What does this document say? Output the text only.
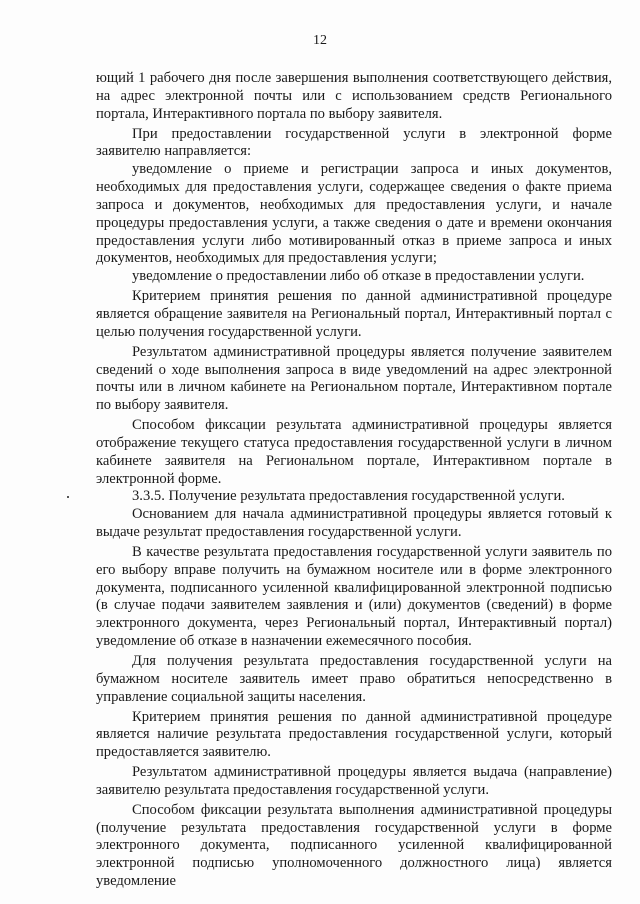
12

ющий 1 рабочего дня после завершения выполнения соответствующего действия, на адрес электронной почты или с использованием средств Регионального портала, Интерактивного портала по выбору заявителя.

При предоставлении государственной услуги в электронной форме заявителю направляется:

уведомление о приеме и регистрации запроса и иных документов, необходимых для предоставления услуги, содержащее сведения о факте приема запроса и документов, необходимых для предоставления услуги, и начале процедуры предоставления услуги, а также сведения о дате и времени окончания предоставления услуги либо мотивированный отказ в приеме запроса и иных документов, необходимых для предоставления услуги;

уведомление о предоставлении либо об отказе в предоставлении услуги.

Критерием принятия решения по данной административной процедуре является обращение заявителя на Региональный портал, Интерактивный портал с целью получения государственной услуги.

Результатом административной процедуры является получение заявителем сведений о ходе выполнения запроса в виде уведомлений на адрес электронной почты или в личном кабинете на Региональном портале, Интерактивном портале по выбору заявителя.

Способом фиксации результата административной процедуры является отображение текущего статуса предоставления государственной услуги в личном кабинете заявителя на Региональном портале, Интерактивном портале в электронной форме.

3.3.5. Получение результата предоставления государственной услуги.

Основанием для начала административной процедуры является готовый к выдаче результат предоставления государственной услуги.

В качестве результата предоставления государственной услуги заявитель по его выбору вправе получить на бумажном носителе или в форме электронного документа, подписанного усиленной квалифицированной электронной подписью (в случае подачи заявителем заявления и (или) документов (сведений) в форме электронного документа, через Региональный портал, Интерактивный портал) уведомление об отказе в назначении ежемесячного пособия.

Для получения результата предоставления государственной услуги на бумажном носителе заявитель имеет право обратиться непосредственно в управление социальной защиты населения.

Критерием принятия решения по данной административной процедуре является наличие результата предоставления государственной услуги, который предоставляется заявителю.

Результатом административной процедуры является выдача (направление) заявителю результата предоставления государственной услуги.

Способом фиксации результата выполнения административной процедуры (получение результата предоставления государственной услуги в форме электронного документа, подписанного усиленной квалифицированной электронной подписью уполномоченного должностного лица) является уведомление
